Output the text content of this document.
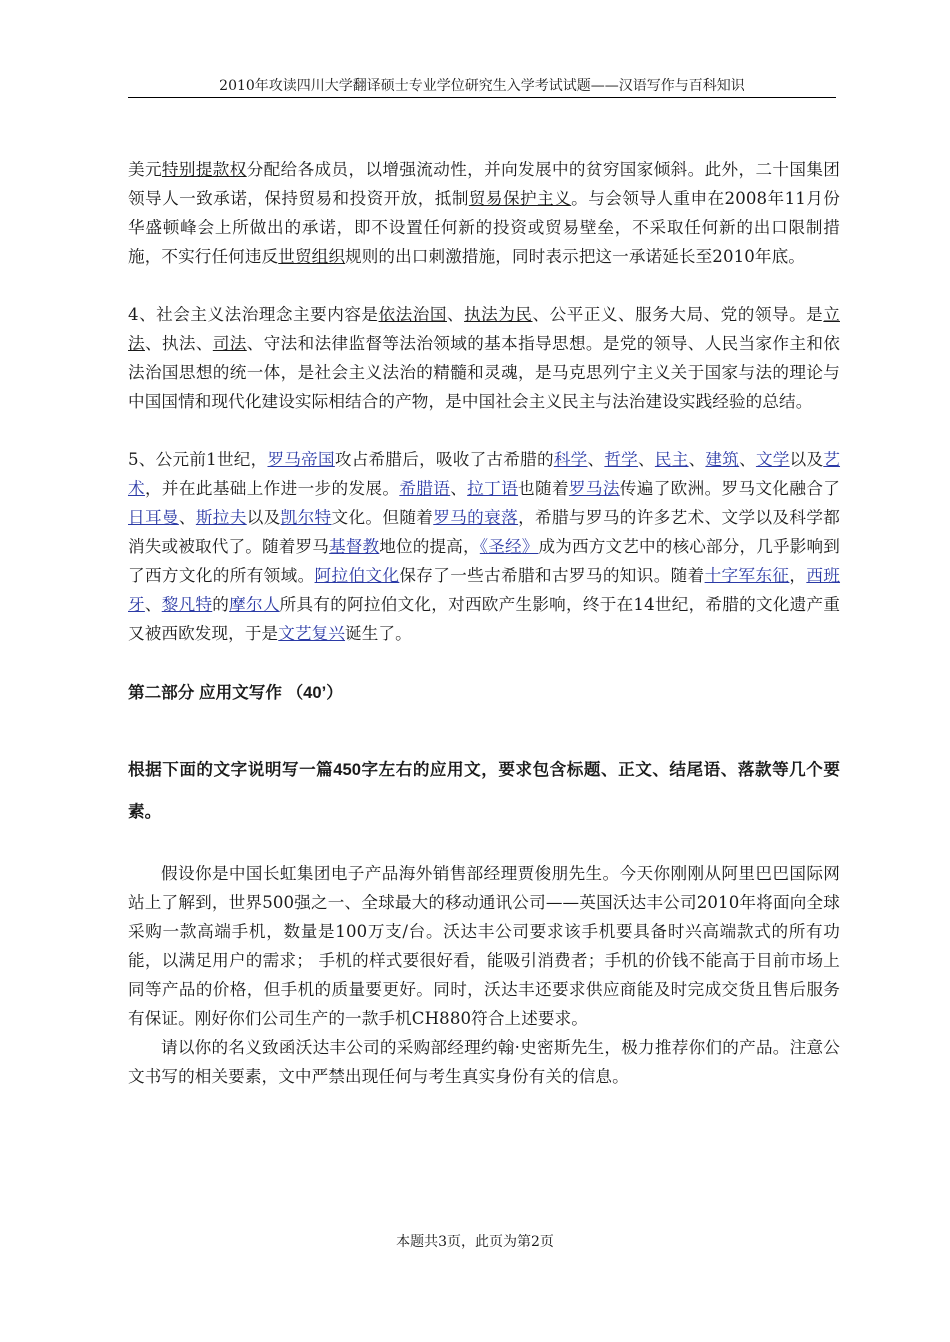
2010年攻读四川大学翻译硕士专业学位研究生入学考试试题——汉语写作与百科知识

美元特别提款权分配给各成员，以增强流动性，并向发展中的贫穷国家倾斜。此外，二十国集团领导人一致承诺，保持贸易和投资开放，抵制贸易保护主义。与会领导人重申在2008年11月份华盛顿峰会上所做出的承诺，即不设置任何新的投资或贸易壁垒，不采取任何新的出口限制措施，不实行任何违反世贸组织规则的出口刺激措施，同时表示把这一承诺延长至2010年底。

4、社会主义法治理念主要内容是依法治国、执法为民、公平正义、服务大局、党的领导。是立法、执法、司法、守法和法律监督等法治领域的基本指导思想。是党的领导、人民当家作主和依法治国思想的统一体，是社会主义法治的精髓和灵魂，是马克思列宁主义关于国家与法的理论与中国国情和现代化建设实际相结合的产物，是中国社会主义民主与法治建设实践经验的总结。

5、公元前1世纪，罗马帝国攻占希腊后，吸收了古希腊的科学、哲学、民主、建筑、文学以及艺术，并在此基础上作进一步的发展。希腊语、拉丁语也随着罗马法传遍了欧洲。罗马文化融合了日耳曼、斯拉夫以及凯尔特文化。但随着罗马的衰落，希腊与罗马的许多艺术、文学以及科学都消失或被取代了。随着罗马基督教地位的提高，《圣经》成为西方文艺中的核心部分，几乎影响到了西方文化的所有领域。阿拉伯文化保存了一些古希腊和古罗马的知识。随着十字军东征，西班牙、黎凡特的摩尔人所具有的阿拉伯文化，对西欧产生影响，终于在14世纪，希腊的文化遗产重又被西欧发现，于是文艺复兴诞生了。

第二部分 应用文写作 （40’）

根据下面的文字说明写一篇450字左右的应用文，要求包含标题、正文、结尾语、落款等几个要素。

假设你是中国长虹集团电子产品海外销售部经理贾俊朋先生。今天你刚刚从阿里巴巴国际网站上了解到，世界500强之一、全球最大的移动通讯公司——英国沃达丰公司2010年将面向全球采购一款高端手机，数量是100万支/台。沃达丰公司要求该手机要具备时兴高端款式的所有功能，以满足用户的需求； 手机的样式要很好看，能吸引消费者；手机的价钱不能高于目前市场上同等产品的价格，但手机的质量要更好。同时，沃达丰还要求供应商能及时完成交货且售后服务有保证。刚好你们公司生产的一款手机CH880符合上述要求。

请以你的名义致函沃达丰公司的采购部经理约翰·史密斯先生，极力推荐你们的产品。注意公文书写的相关要素，文中严禁出现任何与考生真实身份有关的信息。

本题共3页，此页为第2页
